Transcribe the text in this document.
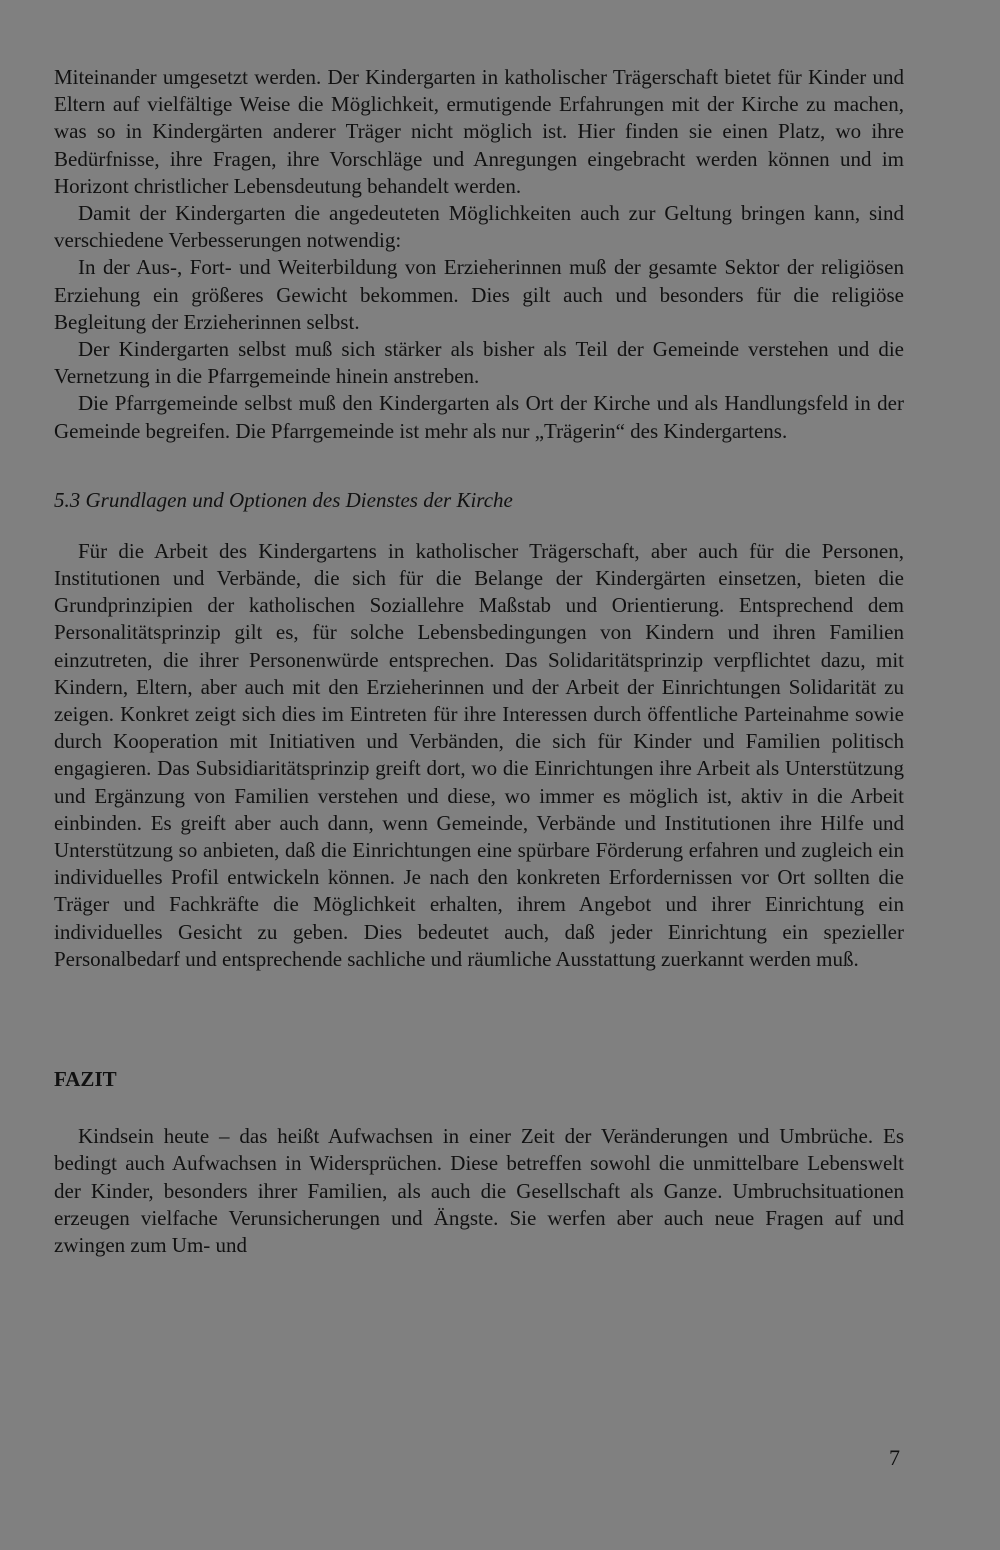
Miteinander umgesetzt werden. Der Kindergarten in katholischer Trägerschaft bietet für Kinder und Eltern auf vielfältige Weise die Möglichkeit, ermutigende Erfahrungen mit der Kirche zu machen, was so in Kindergärten anderer Träger nicht möglich ist. Hier finden sie einen Platz, wo ihre Bedürfnisse, ihre Fragen, ihre Vorschläge und Anregungen eingebracht werden können und im Horizont christlicher Lebensdeutung behandelt werden.

Damit der Kindergarten die angedeuteten Möglichkeiten auch zur Geltung bringen kann, sind verschiedene Verbesserungen notwendig:

In der Aus-, Fort- und Weiterbildung von Erzieherinnen muß der gesamte Sektor der religiösen Erziehung ein größeres Gewicht bekommen. Dies gilt auch und besonders für die religiöse Begleitung der Erzieherinnen selbst.

Der Kindergarten selbst muß sich stärker als bisher als Teil der Gemeinde verstehen und die Vernetzung in die Pfarrgemeinde hinein anstreben.

Die Pfarrgemeinde selbst muß den Kindergarten als Ort der Kirche und als Handlungsfeld in der Gemeinde begreifen. Die Pfarrgemeinde ist mehr als nur „Trägerin“ des Kindergartens.

5.3 Grundlagen und Optionen des Dienstes der Kirche

Für die Arbeit des Kindergartens in katholischer Trägerschaft, aber auch für die Personen, Institutionen und Verbände, die sich für die Belange der Kindergärten einsetzen, bieten die Grundprinzipien der katholischen Soziallehre Maßstab und Orientierung. Entsprechend dem Personalitätsprinzip gilt es, für solche Lebensbedingungen von Kindern und ihren Familien einzutreten, die ihrer Personenwürde entsprechen. Das Solidaritätsprinzip verpflichtet dazu, mit Kindern, Eltern, aber auch mit den Erzieherinnen und der Arbeit der Einrichtungen Solidarität zu zeigen. Konkret zeigt sich dies im Eintreten für ihre Interessen durch öffentliche Parteinahme sowie durch Kooperation mit Initiativen und Verbänden, die sich für Kinder und Familien politisch engagieren. Das Subsidiaritätsprinzip greift dort, wo die Einrichtungen ihre Arbeit als Unterstützung und Ergänzung von Familien verstehen und diese, wo immer es möglich ist, aktiv in die Arbeit einbinden. Es greift aber auch dann, wenn Gemeinde, Verbände und Institutionen ihre Hilfe und Unterstützung so anbieten, daß die Einrichtungen eine spürbare Förderung erfahren und zugleich ein individuelles Profil entwickeln können. Je nach den konkreten Erfordernissen vor Ort sollten die Träger und Fachkräfte die Möglichkeit erhalten, ihrem Angebot und ihrer Einrichtung ein individuelles Gesicht zu geben. Dies bedeutet auch, daß jeder Einrichtung ein spezieller Personalbedarf und entsprechende sachliche und räumliche Ausstattung zuerkannt werden muß.

FAZIT

Kindsein heute – das heißt Aufwachsen in einer Zeit der Veränderungen und Umbrüche. Es bedingt auch Aufwachsen in Widersprüchen. Diese betreffen sowohl die unmittelbare Lebenswelt der Kinder, besonders ihrer Familien, als auch die Gesellschaft als Ganze. Umbruchsituationen erzeugen vielfache Verunsicherungen und Ängste. Sie werfen aber auch neue Fragen auf und zwingen zum Um- und

7
